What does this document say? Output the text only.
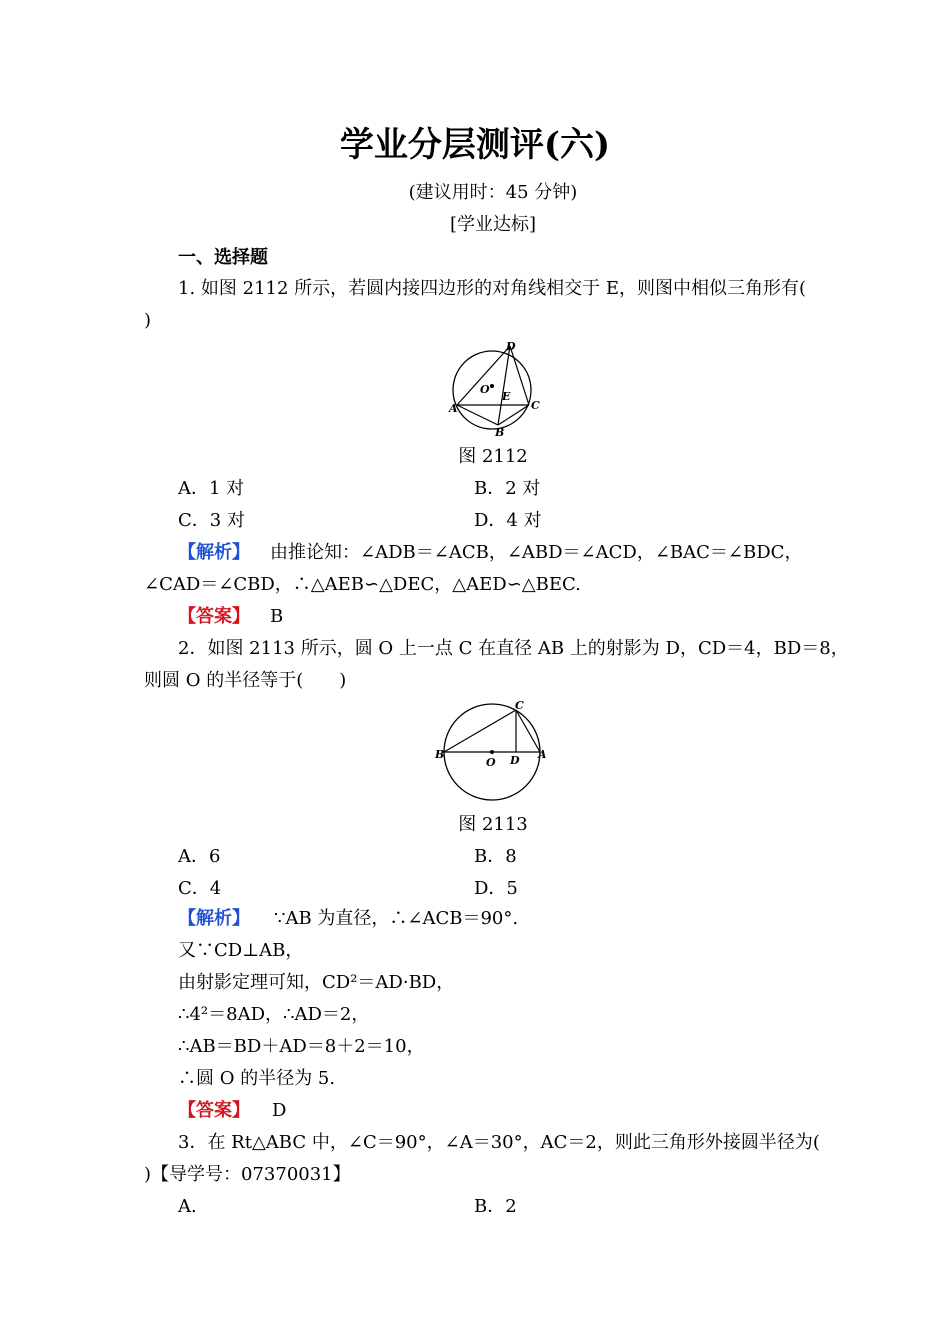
学业分层测评(六)
(建议用时：45 分钟)
[学业达标]
一、选择题
1. 如图 2112 所示，若圆内接四边形的对角线相交于 E，则图中相似三角形有(
)
D
O
E
A	C
B
图 2112
A．1 对	B．2 对
C．3 对	D．4 对
【解析】 由推论知：∠ADB＝∠ACB，∠ABD＝∠ACD，∠BAC＝∠BDC，
∠CAD＝∠CBD，∴△AEB∽△DEC，△AED∽△BEC.
【答案】 B
2．如图 2113 所示，圆 O 上一点 C 在直径 AB 上的射影为 D，CD＝4，BD＝8，
则圆 O 的半径等于(　　)
C
B
O D A
图 2113
A．6	B．8
C．4	D．5
【解析】 ∵AB 为直径，∴∠ACB＝90°.
又∵CD⊥AB，
由射影定理可知，CD²＝AD·BD，
∴4²＝8AD，∴AD＝2，
∴AB＝BD＋AD＝8＋2＝10，
∴圆 O 的半径为 5.
【答案】 D
3．在 Rt△ABC 中，∠C＝90°，∠A＝30°，AC＝2，则此三角形外接圆半径为(
)【导学号：07370031】
A.	B．2
